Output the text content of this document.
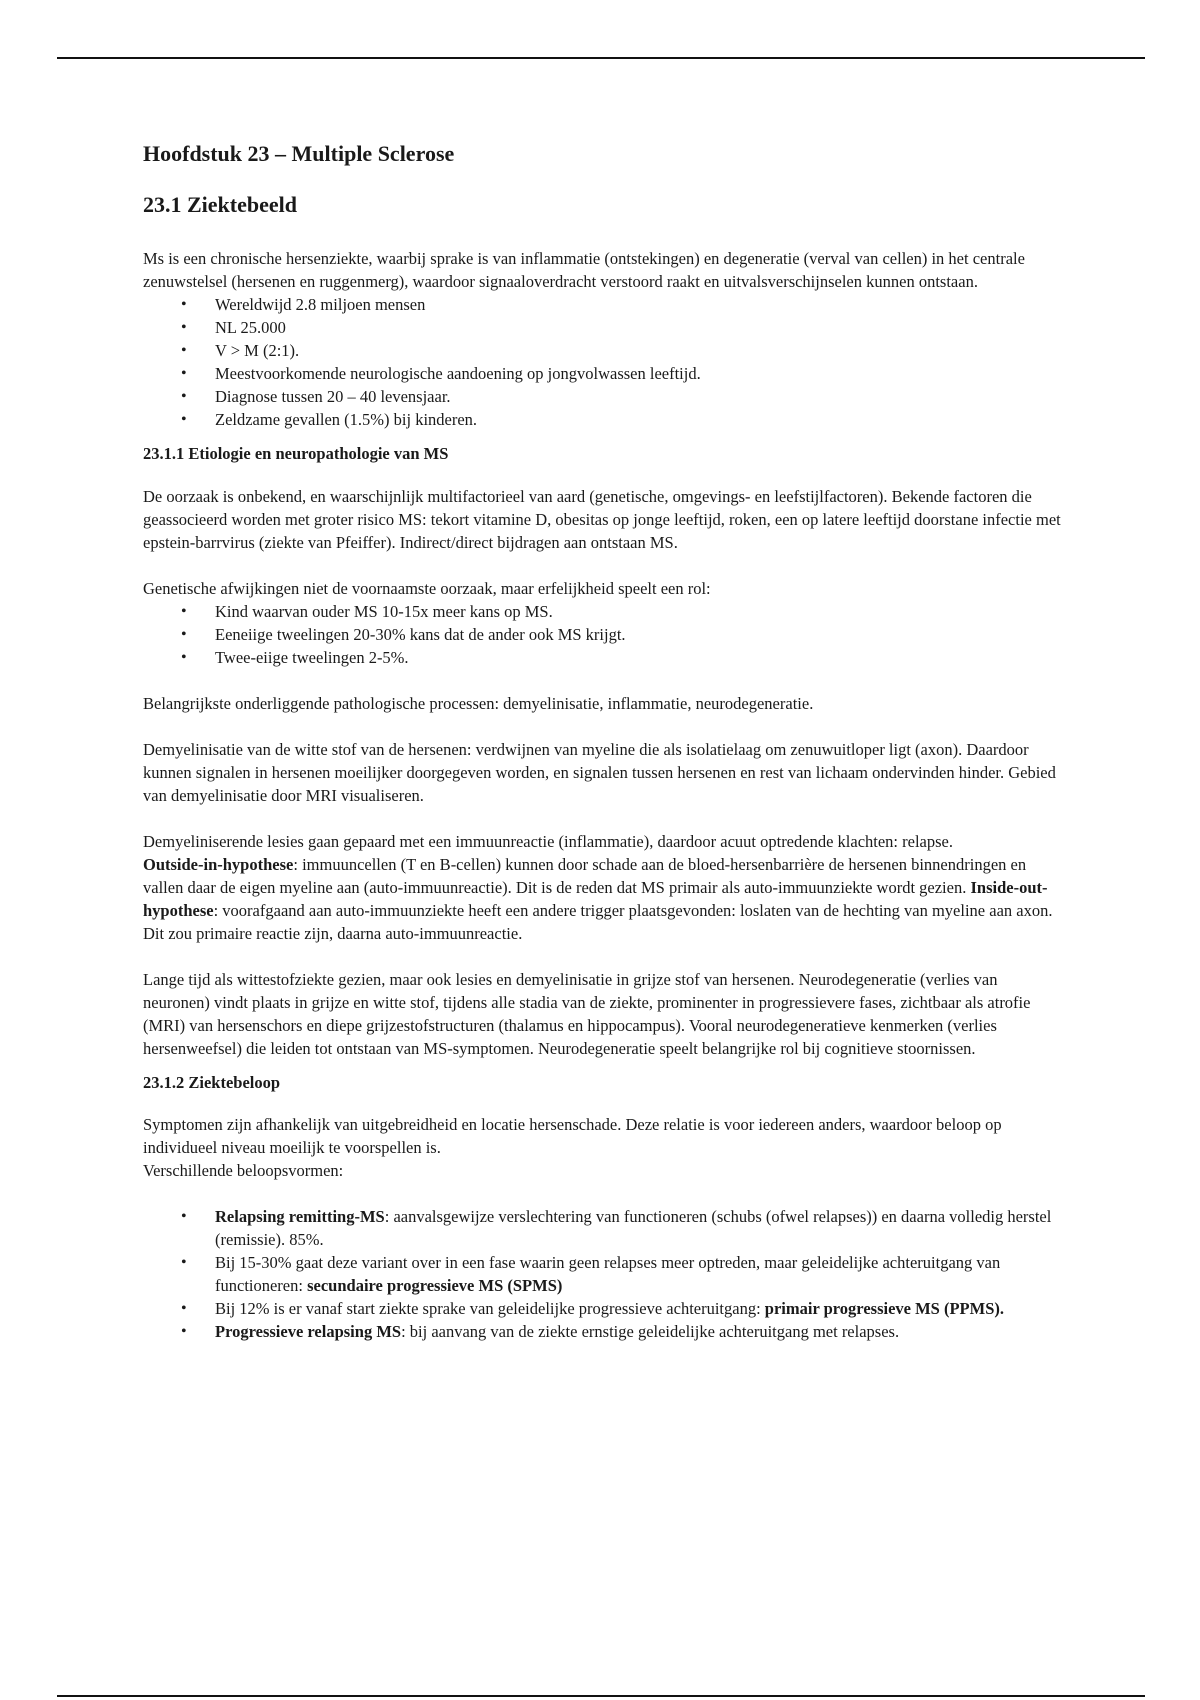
Hoofdstuk 23 – Multiple Sclerose
23.1 Ziektebeeld

Ms is een chronische hersenziekte, waarbij sprake is van inflammatie (ontstekingen) en degeneratie (verval van cellen) in het centrale zenuwstelsel (hersenen en ruggenmerg), waardoor signaaloverdracht verstoord raakt en uitvalsverschijnselen kunnen ontstaan.

• Wereldwijd 2.8 miljoen mensen
• NL 25.000
• V > M (2:1).
• Meestvoorkomende neurologische aandoening op jongvolwassen leeftijd.
• Diagnose tussen 20 – 40 levensjaar.
• Zeldzame gevallen (1.5%) bij kinderen.
23.1.1 Etiologie en neuropathologie van MS

De oorzaak is onbekend, en waarschijnlijk multifactorieel van aard (genetische, omgevings- en leefstijlfactoren). Bekende factoren die geassocieerd worden met groter risico MS: tekort vitamine D, obesitas op jonge leeftijd, roken, een op latere leeftijd doorstane infectie met epstein-barrvirus (ziekte van Pfeiffer). Indirect/direct bijdragen aan ontstaan MS.

Genetische afwijkingen niet de voornaamste oorzaak, maar erfelijkheid speelt een rol:

• Kind waarvan ouder MS 10-15x meer kans op MS.
• Eeneiige tweelingen 20-30% kans dat de ander ook MS krijgt.
• Twee-eiige tweelingen 2-5%.

Belangrijkste onderliggende pathologische processen: demyelinisatie, inflammatie, neurodegeneratie.

Demyelinisatie van de witte stof van de hersenen: verdwijnen van myeline die als isolatielaag om zenuwuitloper ligt (axon). Daardoor kunnen signalen in hersenen moeilijker doorgegeven worden, en signalen tussen hersenen en rest van lichaam ondervinden hinder. Gebied van demyelinisatie door MRI visualiseren.

Demyeliniserende lesies gaan gepaard met een immuunreactie (inflammatie), daardoor acuut optredende klachten: relapse.

Outside-in-hypothese: immuuncellen (T en B-cellen) kunnen door schade aan de bloed-hersenbarrière de hersenen binnendringen en vallen daar de eigen myeline aan (auto-immuunreactie). Dit is de reden dat MS primair als auto-immuunziekte wordt gezien. Inside-out-hypothese: voorafgaand aan auto-immuunziekte heeft een andere trigger plaatsgevonden: loslaten van de hechting van myeline aan axon. Dit zou primaire reactie zijn, daarna auto-immuunreactie.

Lange tijd als wittestofziekte gezien, maar ook lesies en demyelinisatie in grijze stof van hersenen. Neurodegeneratie (verlies van neuronen) vindt plaats in grijze en witte stof, tijdens alle stadia van de ziekte, prominenter in progressievere fases, zichtbaar als atrofie (MRI) van hersenschors en diepe grijzestofstructuren (thalamus en hippocampus). Vooral neurodegeneratieve kenmerken (verlies hersenweefsel) die leiden tot ontstaan van MS-symptomen. Neurodegeneratie speelt belangrijke rol bij cognitieve stoornissen.

23.1.2 Ziektebeloop

Symptomen zijn afhankelijk van uitgebreidheid en locatie hersenschade. Deze relatie is voor iedereen anders, waardoor beloop op individueel niveau moeilijk te voorspellen is.

Verschillende beloopsvormen:

• Relapsing remitting-MS: aanvalsgewijze verslechtering van functioneren (schubs (ofwel relapses)) en daarna volledig herstel (remissie). 85%.
• Bij 15-30% gaat deze variant over in een fase waarin geen relapses meer optreden, maar geleidelijke achteruitgang van functioneren: secundaire progressieve MS (SPMS)
• Bij 12% is er vanaf start ziekte sprake van geleidelijke progressieve achteruitgang: primair progressieve MS (PPMS).
• Progressieve relapsing MS: bij aanvang van de ziekte ernstige geleidelijke achteruitgang met relapses.
